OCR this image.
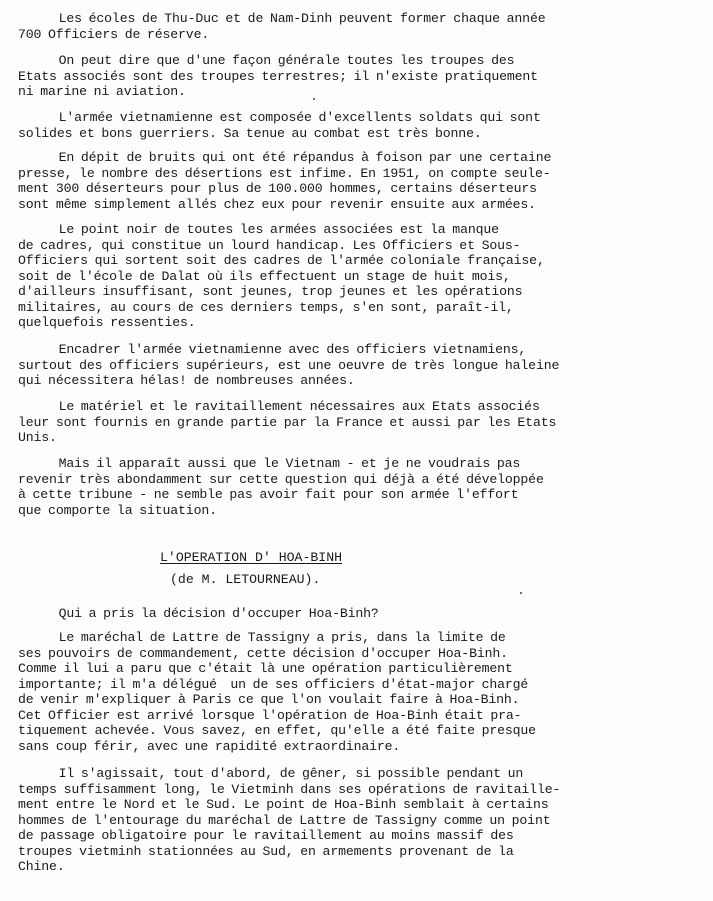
Les écoles de Thu-Duc et de Nam-Dinh peuvent former chaque année
700 Officiers de réserve.

On peut dire que d'une façon générale toutes les troupes des
Etats associés sont des troupes terrestres; il n'existe pratiquement
ni marine ni aviation.

L'armée vietnamienne est composée d'excellents soldats qui sont
solides et bons guerriers. Sa tenue au combat est très bonne.

En dépit de bruits qui ont été répandus à foison par une certaine
presse, le nombre des désertions est infime. En 1951, on compte seule-
ment 300 déserteurs pour plus de 100.000 hommes, certains déserteurs
sont même simplement allés chez eux pour revenir ensuite aux armées.

Le point noir de toutes les armées associées est la manque
de cadres, qui constitue un lourd handicap. Les Officiers et Sous-
Officiers qui sortent soit des cadres de l'armée coloniale française,
soit de l'école de Dalat où ils effectuent un stage de huit mois,
d'ailleurs insuffisant, sont jeunes, trop jeunes et les opérations
militaires, au cours de ces derniers temps, s'en sont, paraît-il,
quelquefois ressenties.

Encadrer l'armée vietnamienne avec des officiers vietnamiens,
surtout des officiers supérieurs, est une oeuvre de très longue haleine
qui nécessitera hélas! de nombreuses années.

Le matériel et le ravitaillement nécessaires aux Etats associés
leur sont fournis en grande partie par la France et aussi par les Etats
Unis.

Mais il apparaît aussi que le Vietnam - et je ne voudrais pas
revenir très abondamment sur cette question qui déjà a été développée
à cette tribune - ne semble pas avoir fait pour son armée l'effort
que comporte la situation.

L'OPERATION D' HOA-BINH

(de M. LETOURNEAU).

Qui a pris la décision d'occuper Hoa-Binh?

Le maréchal de Lattre de Tassigny a pris, dans la limite de
ses pouvoirs de commandement, cette décision d'occuper Hoa-Binh.
Comme il lui a paru que c'était là une opération particulièrement
importante; il m'a délégué  un de ses officiers d'état-major chargé
de venir m'expliquer à Paris ce que l'on voulait faire à Hoa-Binh.
Cet Officier est arrivé lorsque l'opération de Hoa-Binh était pra-
tiquement achevée. Vous savez, en effet, qu'elle a été faite presque
sans coup férir, avec une rapidité extraordinaire.

Il s'agissait, tout d'abord, de gêner, si possible pendant un
temps suffisamment long, le Vietminh dans ses opérations de ravitaille-
ment entre le Nord et le Sud. Le point de Hoa-Binh semblait à certains
hommes de l'entourage du maréchal de Lattre de Tassigny comme un point
de passage obligatoire pour le ravitaillement au moins massif des
troupes vietminh stationnées au Sud, en armements provenant de la
Chine.
